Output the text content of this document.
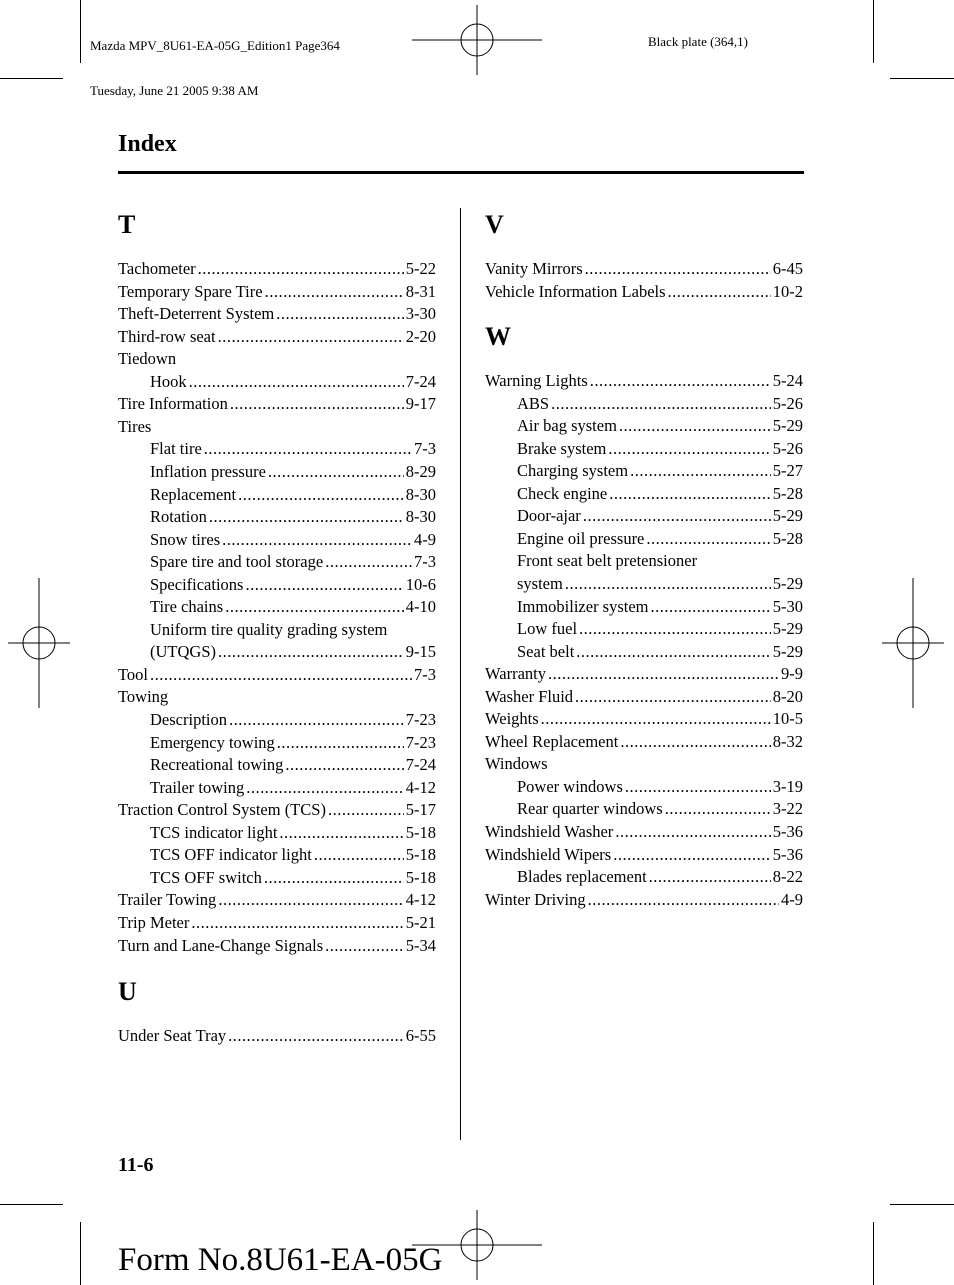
Mazda MPV_8U61-EA-05G_Edition1 Page364

Tuesday, June 21 2005 9:38 AM

Black plate (364,1)
Index
T
Tachometer .....	5-22
Temporary Spare Tire .....	8-31
Theft-Deterrent System .....	3-30
Third-row seat .....	2-20
Tiedown
Hook .....	7-24
Tire Information .....	9-17
Tires
Flat tire .....	7-3
Inflation pressure .....	8-29
Replacement .....	8-30
Rotation .....	8-30
Snow tires .....	4-9
Spare tire and tool storage .....	7-3
Specifications .....	10-6
Tire chains .....	4-10
Uniform tire quality grading system
(UTQGS) .....	9-15
Tool .....	7-3
Towing
Description .....	7-23
Emergency towing .....	7-23
Recreational towing .....	7-24
Trailer towing .....	4-12
Traction Control System (TCS) .....	5-17
TCS indicator light .....	5-18
TCS OFF indicator light .....	5-18
TCS OFF switch .....	5-18
Trailer Towing .....	4-12
Trip Meter .....	5-21
Turn and Lane-Change Signals .....	5-34
U
Under Seat Tray .....	6-55
V
Vanity Mirrors .....	6-45
Vehicle Information Labels .....	10-2
W
Warning Lights .....	5-24
ABS .....	5-26
Air bag system .....	5-29
Brake system .....	5-26
Charging system .....	5-27
Check engine .....	5-28
Door-ajar .....	5-29
Engine oil pressure .....	5-28
Front seat belt pretensioner
system .....	5-29
Immobilizer system .....	5-30
Low fuel .....	5-29
Seat belt .....	5-29
Warranty .....	9-9
Washer Fluid .....	8-20
Weights .....	10-5
Wheel Replacement .....	8-32
Windows
Power windows .....	3-19
Rear quarter windows .....	3-22
Windshield Washer .....	5-36
Windshield Wipers .....	5-36
Blades replacement .....	8-22
Winter Driving .....	4-9
11-6
Form No.8U61-EA-05G
